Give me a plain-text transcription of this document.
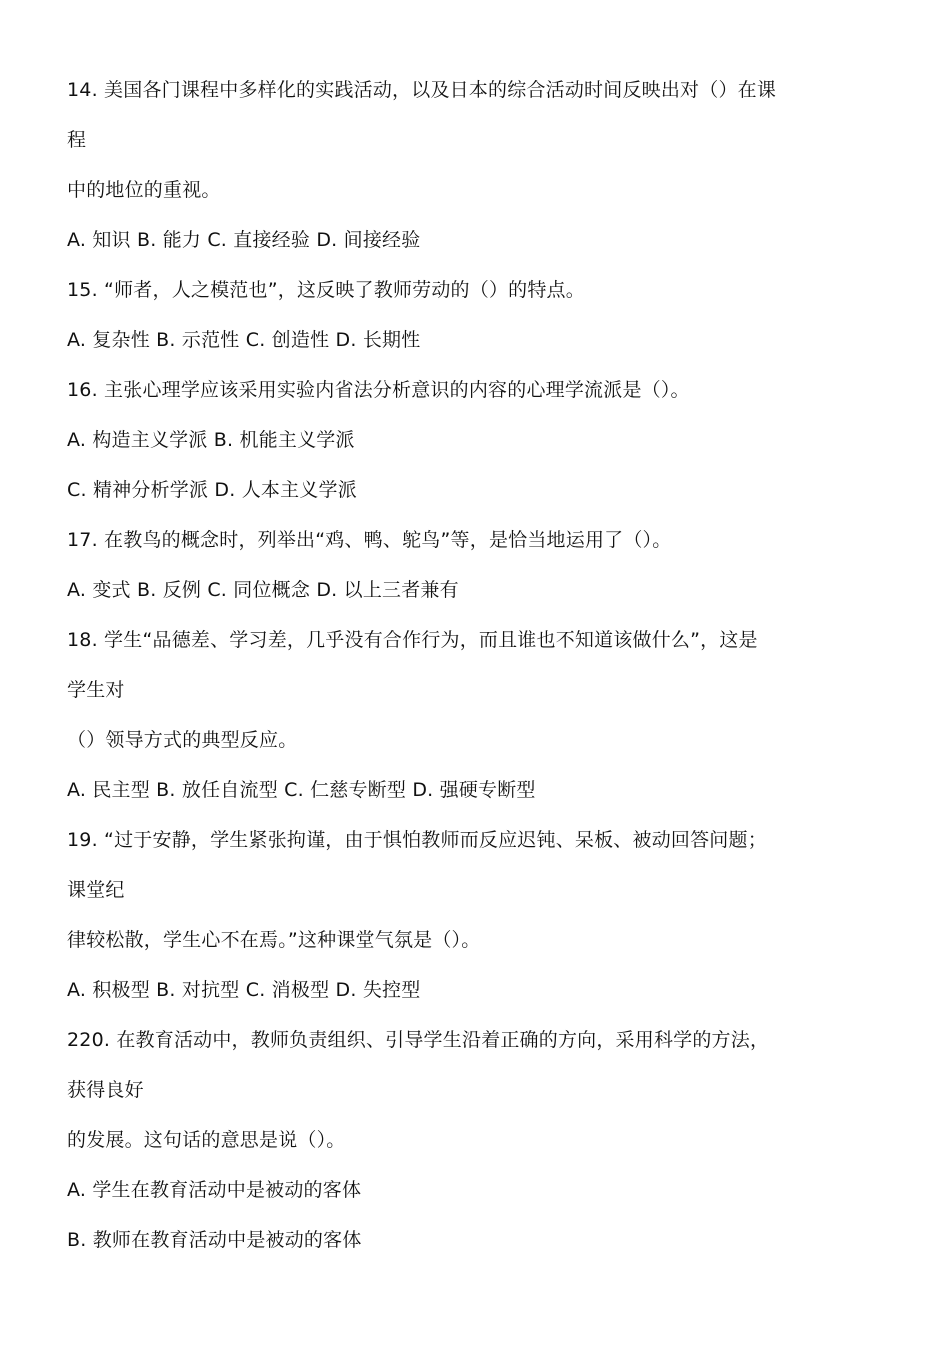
14. 美国各门课程中多样化的实践活动，以及日本的综合活动时间反映出对（）在课
程
中的地位的重视。
A. 知识 B. 能力 C. 直接经验 D. 间接经验
15. “师者，人之模范也”，这反映了教师劳动的（）的特点。
A. 复杂性 B. 示范性 C. 创造性 D. 长期性
16. 主张心理学应该采用实验内省法分析意识的内容的心理学流派是（）。
A. 构造主义学派 B. 机能主义学派
C. 精神分析学派 D. 人本主义学派
17. 在教鸟的概念时，列举出“鸡、鸭、鸵鸟”等，是恰当地运用了（）。
A. 变式 B. 反例 C. 同位概念 D. 以上三者兼有
18. 学生“品德差、学习差，几乎没有合作行为，而且谁也不知道该做什么”，这是
学生对
（）领导方式的典型反应。
A. 民主型 B. 放任自流型 C. 仁慈专断型 D. 强硬专断型
19. “过于安静，学生紧张拘谨，由于惧怕教师而反应迟钝、呆板、被动回答问题；
课堂纪
律较松散，学生心不在焉。”这种课堂气氛是（）。
A. 积极型 B. 对抗型 C. 消极型 D. 失控型
220. 在教育活动中，教师负责组织、引导学生沿着正确的方向，采用科学的方法，
获得良好
的发展。这句话的意思是说（）。
A. 学生在教育活动中是被动的客体
B. 教师在教育活动中是被动的客体
